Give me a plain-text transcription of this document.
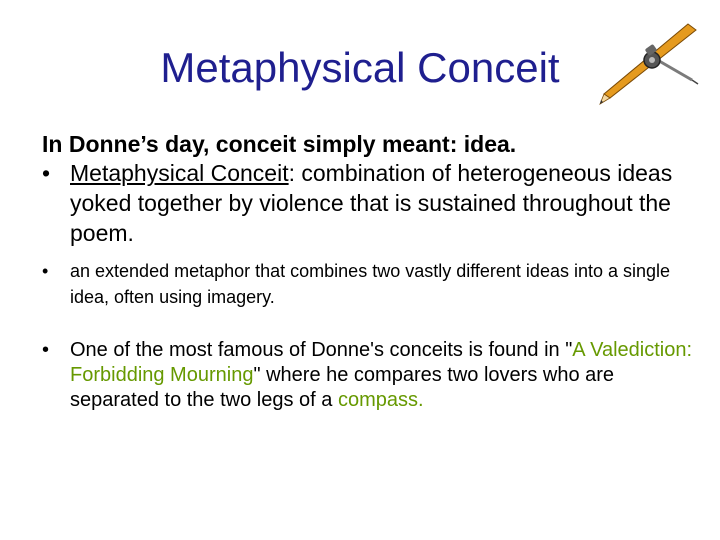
Metaphysical Conceit

In Donne’s day, conceit simply meant: idea.

• Metaphysical Conceit: combination of heterogeneous ideas yoked together by violence that is sustained throughout the poem.

• an extended metaphor that combines two vastly different ideas into a single idea, often using imagery.

• One of the most famous of Donne's conceits is found in "A Valediction: Forbidding Mourning" where he compares two lovers who are separated to the two legs of a compass.
